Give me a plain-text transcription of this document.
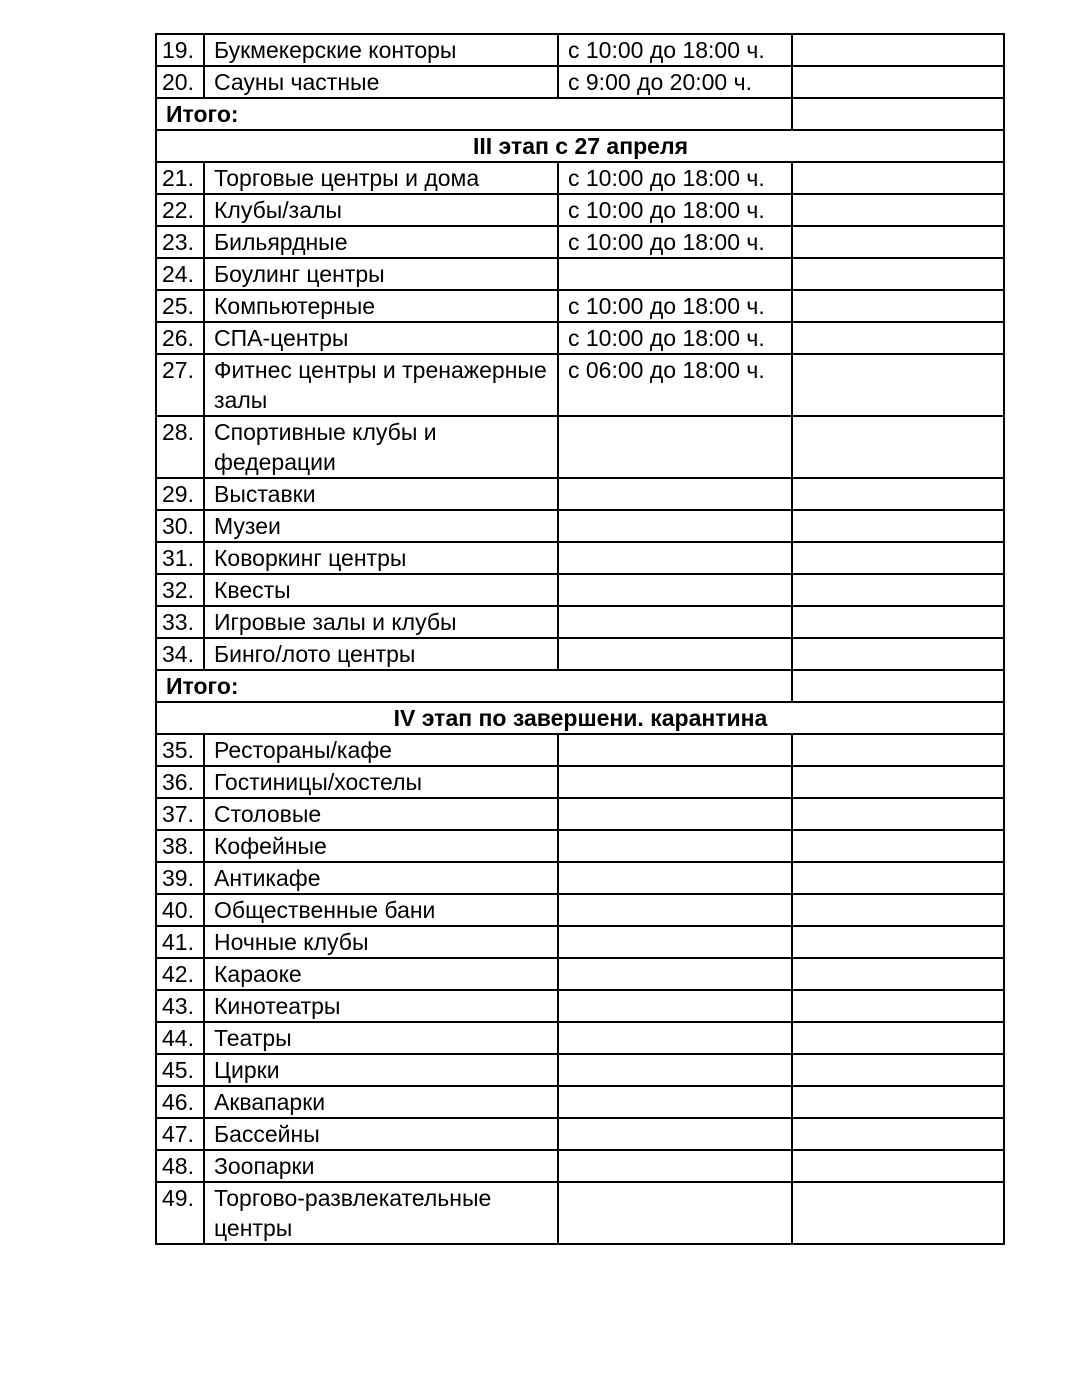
19.	Букмекерские конторы	с 10:00 до 18:00 ч.	
20.	Сауны частные	с 9:00 до 20:00 ч.	
Итого:			
III этап с 27 апреля			
21.	Торговые центры и дома	с 10:00 до 18:00 ч.	
22.	Клубы/залы	с 10:00 до 18:00 ч.	
23.	Бильярдные	с 10:00 до 18:00 ч.	
24.	Боулинг центры		
25.	Компьютерные	с 10:00 до 18:00 ч.	
26.	СПА-центры	с 10:00 до 18:00 ч.	
27.	Фитнес центры и тренажерные залы	с 06:00 до 18:00 ч.	
28.	Спортивные клубы и федерации		
29.	Выставки		
30.	Музеи		
31.	Коворкинг центры		
32.	Квесты		
33.	Игровые залы и клубы		
34.	Бинго/лото центры		
Итого:			
IV этап по завершени. карантина			
35.	Рестораны/кафе		
36.	Гостиницы/хостелы		
37.	Столовые		
38.	Кофейные		
39.	Антикафе		
40.	Общественные бани		
41.	Ночные клубы		
42.	Караоке		
43.	Кинотеатры		
44.	Театры		
45.	Цирки		
46.	Аквапарки		
47.	Бассейны		
48.	Зоопарки		
49.	Торгово-развлекательные центры		
